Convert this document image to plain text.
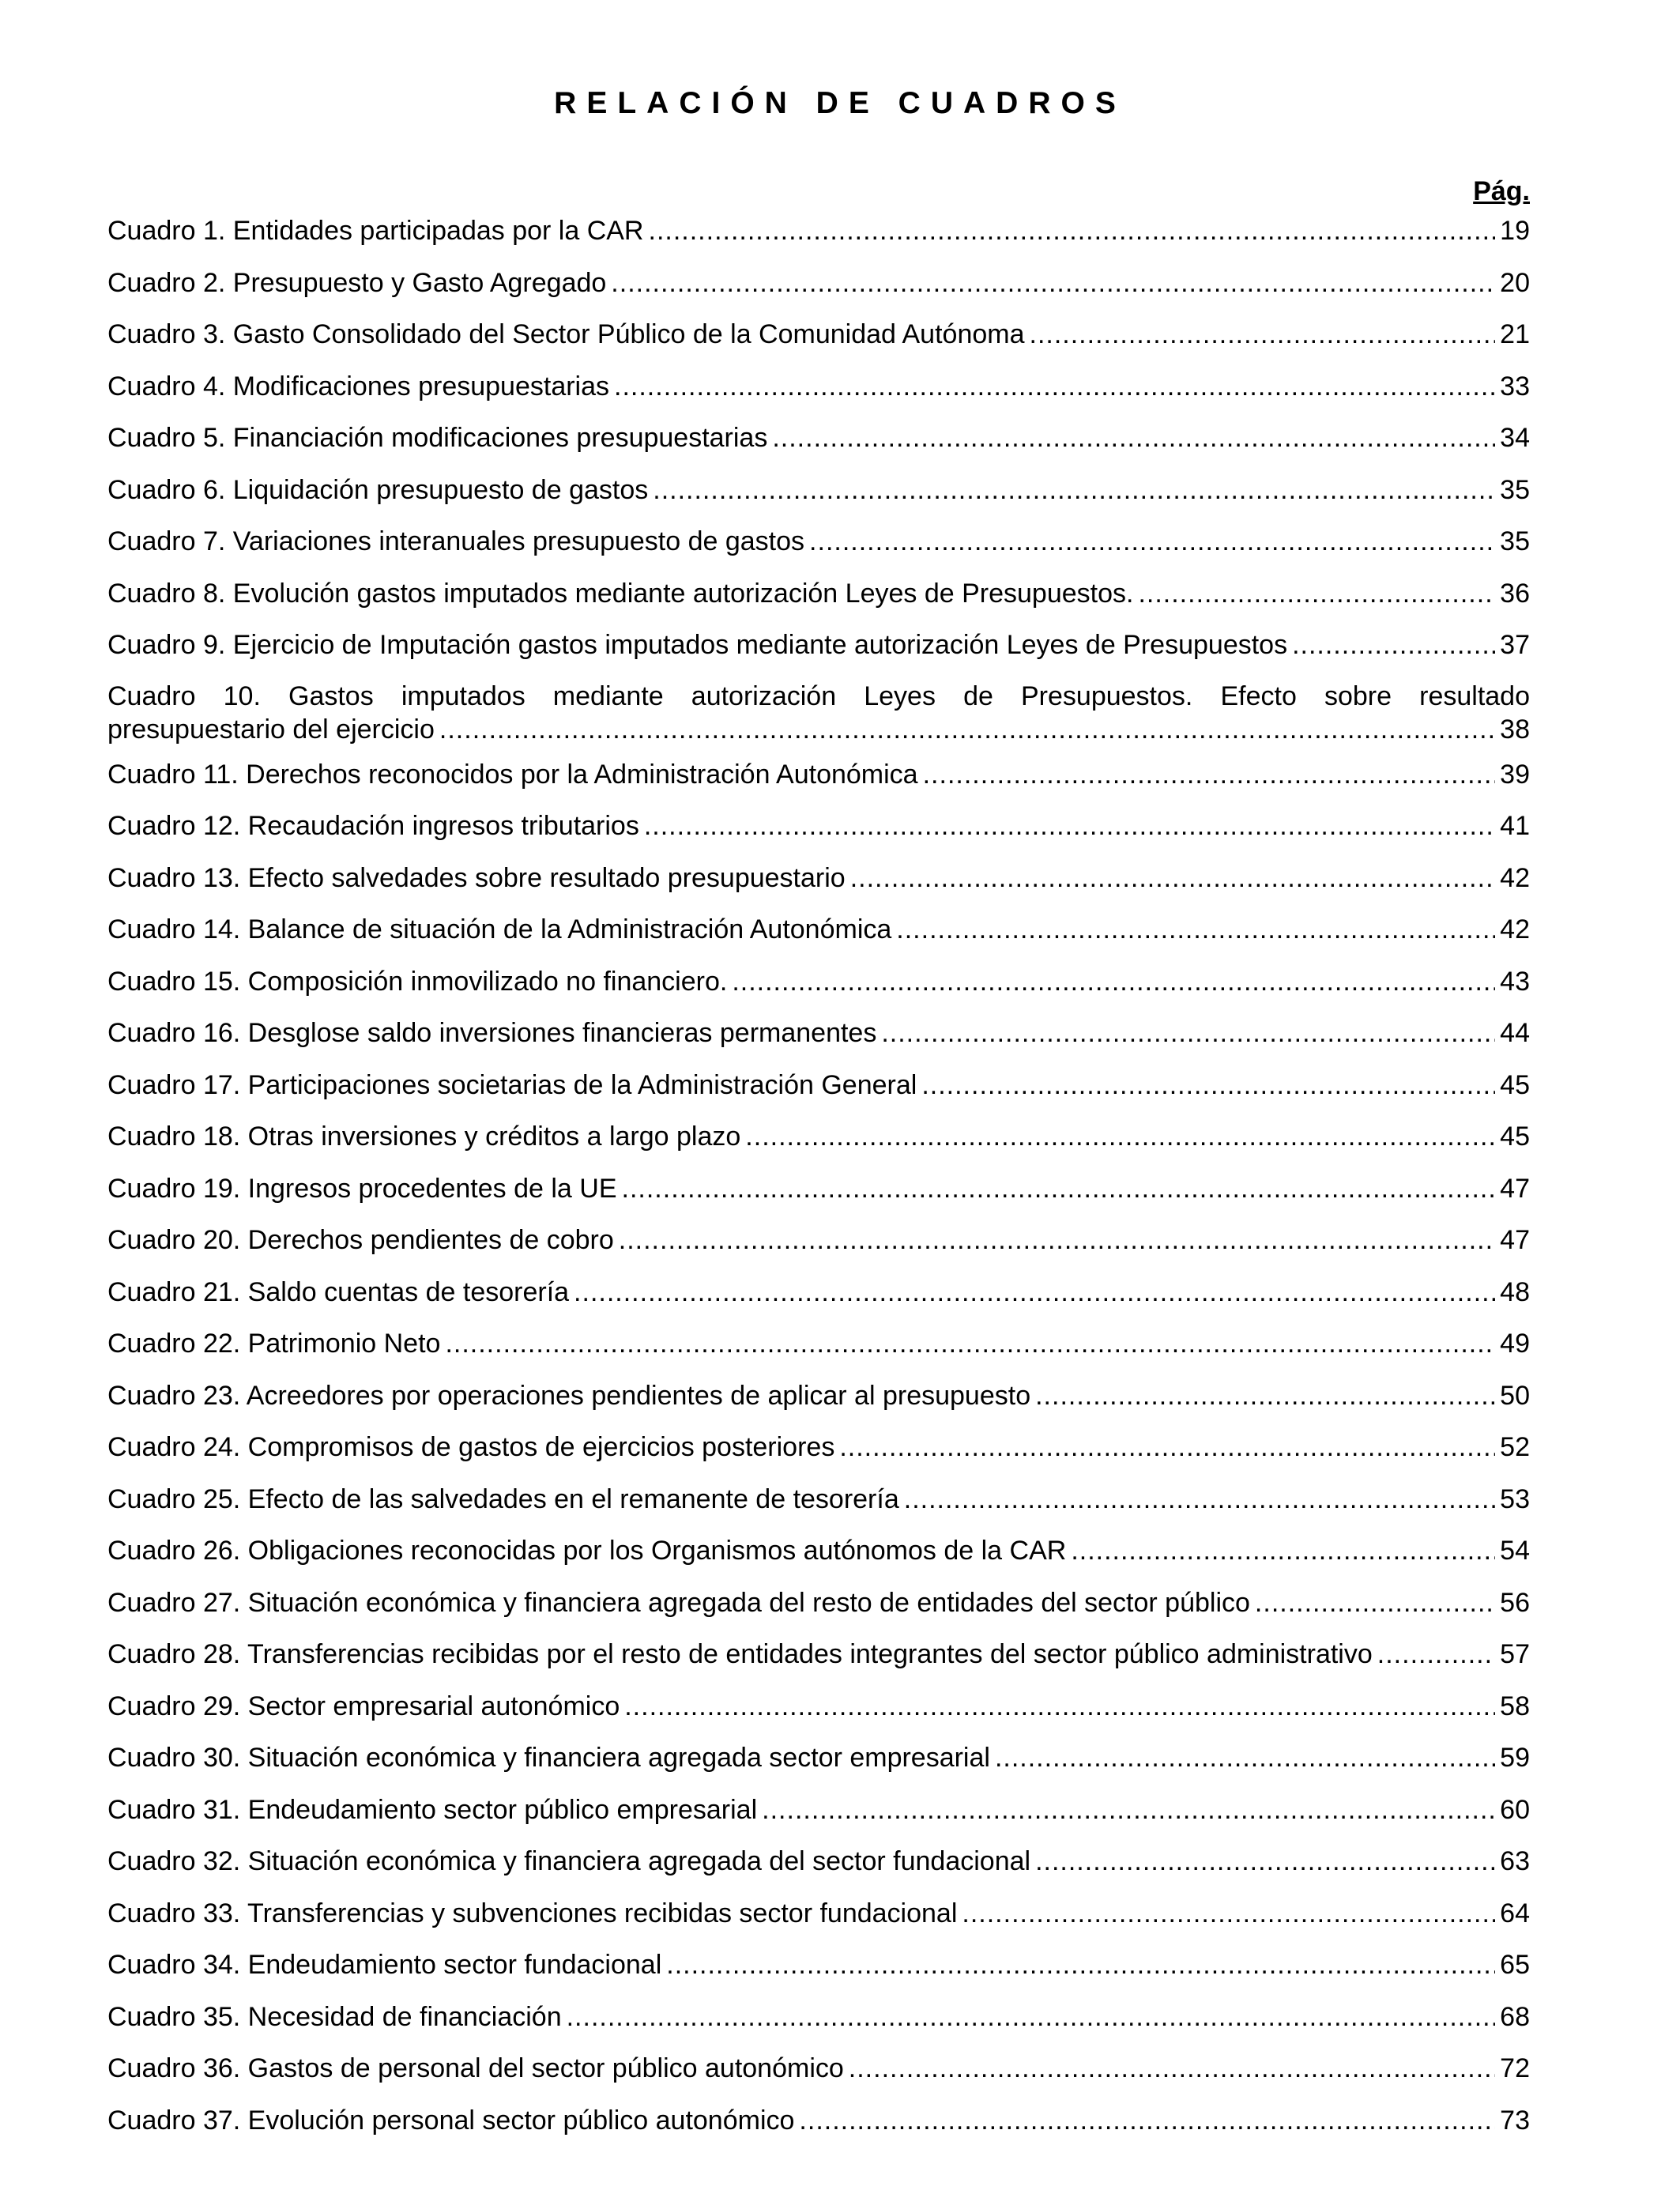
RELACIÓN DE CUADROS
Pág.
Cuadro 1. Entidades participadas por la CAR .....	19
Cuadro 2. Presupuesto y Gasto Agregado .....	20
Cuadro 3. Gasto Consolidado del Sector Público de la Comunidad Autónoma .....	21
Cuadro 4. Modificaciones presupuestarias .....	33
Cuadro 5. Financiación modificaciones presupuestarias .....	34
Cuadro 6. Liquidación presupuesto de gastos .....	35
Cuadro 7. Variaciones interanuales presupuesto de gastos .....	35
Cuadro 8. Evolución gastos imputados mediante autorización Leyes de Presupuestos. .....	36
Cuadro 9. Ejercicio de Imputación gastos imputados mediante autorización Leyes de Presupuestos .....	37
Cuadro 10. Gastos imputados mediante autorización Leyes de Presupuestos. Efecto sobre resultado
presupuestario del ejercicio .....	38
Cuadro 11. Derechos reconocidos por la Administración Autonómica .....	39
Cuadro 12. Recaudación ingresos tributarios .....	41
Cuadro 13. Efecto salvedades sobre resultado presupuestario .....	42
Cuadro 14. Balance de situación de la Administración Autonómica .....	42
Cuadro 15. Composición inmovilizado no financiero. .....	43
Cuadro 16. Desglose saldo inversiones financieras permanentes .....	44
Cuadro 17. Participaciones societarias de la Administración General .....	45
Cuadro 18. Otras inversiones y créditos a largo plazo .....	45
Cuadro 19. Ingresos procedentes de la UE .....	47
Cuadro 20. Derechos pendientes de cobro .....	47
Cuadro 21. Saldo cuentas de tesorería .....	48
Cuadro 22. Patrimonio Neto .....	49
Cuadro 23. Acreedores por operaciones pendientes de aplicar al presupuesto .....	50
Cuadro 24. Compromisos de gastos de ejercicios posteriores .....	52
Cuadro 25. Efecto de las salvedades en el remanente de tesorería .....	53
Cuadro 26. Obligaciones reconocidas por los Organismos autónomos de la CAR .....	54
Cuadro 27. Situación económica y financiera agregada del resto de entidades del sector público .....	56
Cuadro 28. Transferencias recibidas por el resto de entidades integrantes del sector público administrativo .....	57
Cuadro 29. Sector empresarial autonómico .....	58
Cuadro 30. Situación económica y financiera agregada sector empresarial .....	59
Cuadro 31. Endeudamiento sector público empresarial .....	60
Cuadro 32. Situación económica y financiera agregada del sector fundacional .....	63
Cuadro 33. Transferencias y subvenciones recibidas sector fundacional .....	64
Cuadro 34. Endeudamiento sector fundacional .....	65
Cuadro 35. Necesidad de financiación .....	68
Cuadro 36. Gastos de personal del sector público autonómico .....	72
Cuadro 37. Evolución personal sector público autonómico .....	73
